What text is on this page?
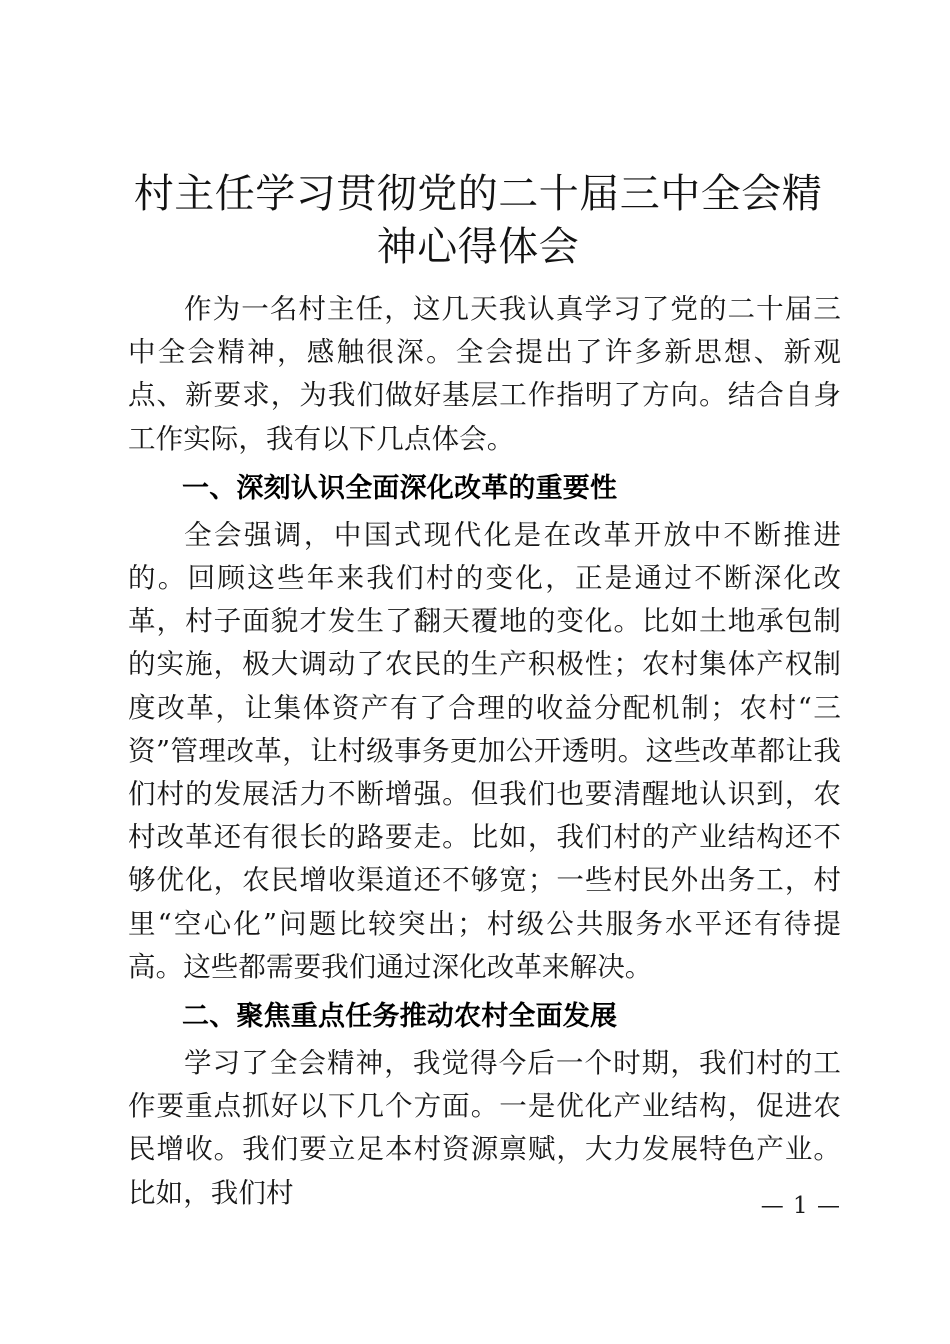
村主任学习贯彻党的二十届三中全会精神心得体会

作为一名村主任，这几天我认真学习了党的二十届三中全会精神，感触很深。全会提出了许多新思想、新观点、新要求，为我们做好基层工作指明了方向。结合自身工作实际，我有以下几点体会。

一、深刻认识全面深化改革的重要性

全会强调，中国式现代化是在改革开放中不断推进的。回顾这些年来我们村的变化，正是通过不断深化改革，村子面貌才发生了翻天覆地的变化。比如土地承包制的实施，极大调动了农民的生产积极性；农村集体产权制度改革，让集体资产有了合理的收益分配机制；农村“三资”管理改革，让村级事务更加公开透明。这些改革都让我们村的发展活力不断增强。但我们也要清醒地认识到，农村改革还有很长的路要走。比如，我们村的产业结构还不够优化，农民增收渠道还不够宽；一些村民外出务工，村里“空心化”问题比较突出；村级公共服务水平还有待提高。这些都需要我们通过深化改革来解决。

二、聚焦重点任务推动农村全面发展

学习了全会精神，我觉得今后一个时期，我们村的工作要重点抓好以下几个方面。一是优化产业结构，促进农民增收。我们要立足本村资源禀赋，大力发展特色产业。比如，我们村	— 1 —
